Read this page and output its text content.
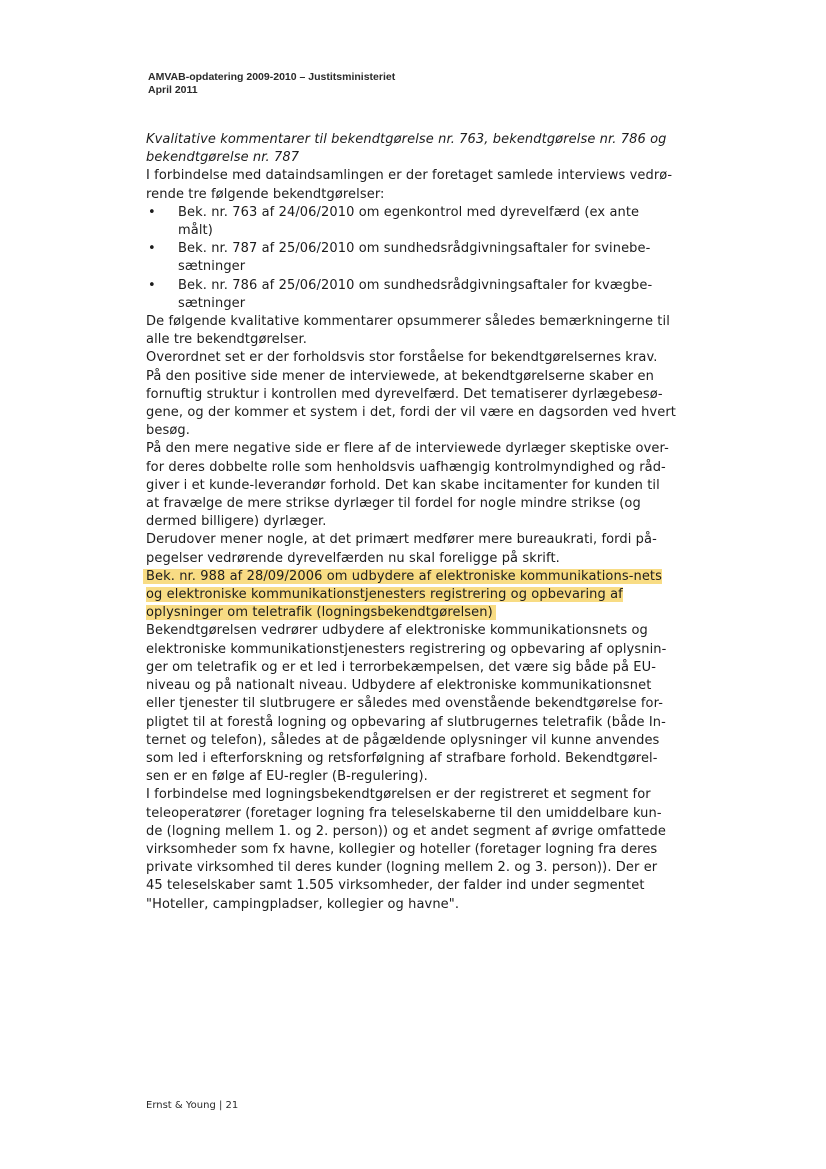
AMVAB-opdatering 2009-2010 – Justitsministeriet
April 2011

Kvalitative kommentarer til bekendtgørelse nr. 763, bekendtgørelse nr. 786 og bekendtgørelse nr. 787

I forbindelse med dataindsamlingen er der foretaget samlede interviews vedrø-rende tre følgende bekendtgørelser:

• Bek. nr. 763 af 24/06/2010 om egenkontrol med dyrevelfærd (ex ante målt)
• Bek. nr. 787 af 25/06/2010 om sundhedsrådgivningsaftaler for svinebe-sætninger
• Bek. nr. 786 af 25/06/2010 om sundhedsrådgivningsaftaler for kvægbe-sætninger

De følgende kvalitative kommentarer opsummerer således bemærkningerne til alle tre bekendtgørelser.

Overordnet set er der forholdsvis stor forståelse for bekendtgørelsernes krav. På den positive side mener de interviewede, at bekendtgørelserne skaber en fornuftig struktur i kontrollen med dyrevelfærd. Det tematiserer dyrlægebesø-gene, og der kommer et system i det, fordi der vil være en dagsorden ved hvert besøg.

På den mere negative side er flere af de interviewede dyrlæger skeptiske over-for deres dobbelte rolle som henholdsvis uafhængig kontrolmyndighed og råd-giver i et kunde-leverandør forhold. Det kan skabe incitamenter for kunden til at fravælge de mere strikse dyrlæger til fordel for nogle mindre strikse (og dermed billigere) dyrlæger.

Derudover mener nogle, at det primært medfører mere bureaukrati, fordi på-pegelser vedrørende dyrevelfærden nu skal foreligge på skrift.

Bek. nr. 988 af 28/09/2006 om udbydere af elektroniske kommunikations-nets og elektroniske kommunikationstjenesters registrering og opbevaring af oplysninger om teletrafik (logningsbekendtgørelsen)

Bekendtgørelsen vedrører udbydere af elektroniske kommunikationsnets og elektroniske kommunikationstjenesters registrering og opbevaring af oplysnin-ger om teletrafik og er et led i terrorbekæmpelsen, det være sig både på EU-niveau og på nationalt niveau. Udbydere af elektroniske kommunikationsnet eller tjenester til slutbrugere er således med ovenstående bekendtgørelse for-pligtet til at forestå logning og opbevaring af slutbrugernes teletrafik (både In-ternet og telefon), således at de pågældende oplysninger vil kunne anvendes som led i efterforskning og retsforfølgning af strafbare forhold. Bekendtgørel-sen er en følge af EU-regler (B-regulering).

I forbindelse med logningsbekendtgørelsen er der registreret et segment for teleoperatører (foretager logning fra teleselskaberne til den umiddelbare kun-de (logning mellem 1. og 2. person)) og et andet segment af øvrige omfattede virksomheder som fx havne, kollegier og hoteller (foretager logning fra deres private virksomhed til deres kunder (logning mellem 2. og 3. person)). Der er 45 teleselskaber samt 1.505 virksomheder, der falder ind under segmentet "Hoteller, campingpladser, kollegier og havne".

Ernst & Young | 21
